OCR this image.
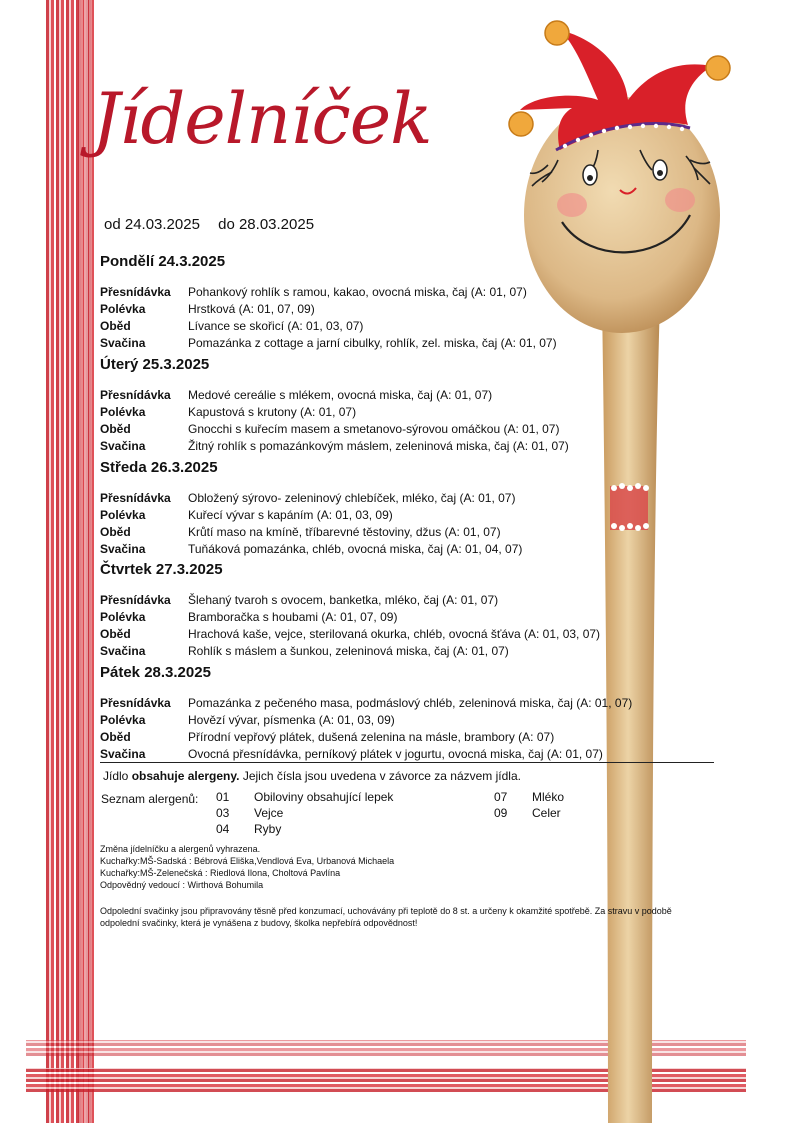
Jídelníček
od 24.03.2025 do 28.03.2025
Pondělí 24.3.2025
Přesnídávka	Pohankový rohlík s ramou, kakao, ovocná miska, čaj (A: 01, 07)
Polévka	Hrstková (A: 01, 07, 09)
Oběd	Lívance se skořicí (A: 01, 03, 07)
Svačina	Pomazánka z cottage a jarní cibulky, rohlík, zel. miska, čaj (A: 01, 07)
Úterý 25.3.2025
Přesnídávka	Medové cereálie s mlékem, ovocná miska, čaj (A: 01, 07)
Polévka	Kapustová s krutony (A: 01, 07)
Oběd	Gnocchi s kuřecím masem a smetanovo-sýrovou omáčkou (A: 01, 07)
Svačina	Žitný rohlík s pomazánkovým máslem, zeleninová miska, čaj (A: 01, 07)
Středa 26.3.2025
Přesnídávka	Obložený sýrovo- zeleninový chlebíček, mléko, čaj (A: 01, 07)
Polévka	Kuřecí vývar s kapáním (A: 01, 03, 09)
Oběd	Krůtí maso na kmíně, tříbarevné těstoviny, džus (A: 01, 07)
Svačina	Tuňáková pomazánka, chléb, ovocná miska, čaj (A: 01, 04, 07)
Čtvrtek 27.3.2025
Přesnídávka	Šlehaný tvaroh s ovocem, banketka, mléko, čaj (A: 01, 07)
Polévka	Bramboračka s houbami (A: 01, 07, 09)
Oběd	Hrachová kaše, vejce, sterilovaná okurka, chléb, ovocná šťáva (A: 01, 03, 07)
Svačina	Rohlík s máslem a šunkou, zeleninová miska, čaj (A: 01, 07)
Pátek 28.3.2025
Přesnídávka	Pomazánka z pečeného masa, podmáslový chléb, zeleninová miska, čaj (A: 01, 07)
Polévka	Hovězí vývar, písmenka (A: 01, 03, 09)
Oběd	Přírodní vepřový plátek, dušená zelenina na másle, brambory (A: 07)
Svačina	Ovocná přesnídávka, perníkový plátek v jogurtu, ovocná miska, čaj (A: 01, 07)
Jídlo obsahuje alergeny. Jejich čísla jsou uvedena v závorce za názvem jídla.
Seznam alergenů: 01 Obiloviny obsahující lepek
03 Vejce
04 Ryby
07 Mléko
09 Celer
Změna jídelníčku a alergenů vyhrazena.
Kuchařky:MŠ-Sadská : Bébrová Eliška,Vendlová Eva, Urbanová Michaela
Kuchařky:MŠ-Zelenečská : Riedlová Ilona, Choltová Pavlína
Odpovědný vedoucí : Wirthová Bohumila
Odpolední svačinky jsou připravovány těsně před konzumací, uchovávány při teplotě do 8 st. a určeny k okamžité spotřebě. Za stravu v podobě
odpolední svačinky, která je vynášena z budovy, školka nepřebírá odpovědnost!
